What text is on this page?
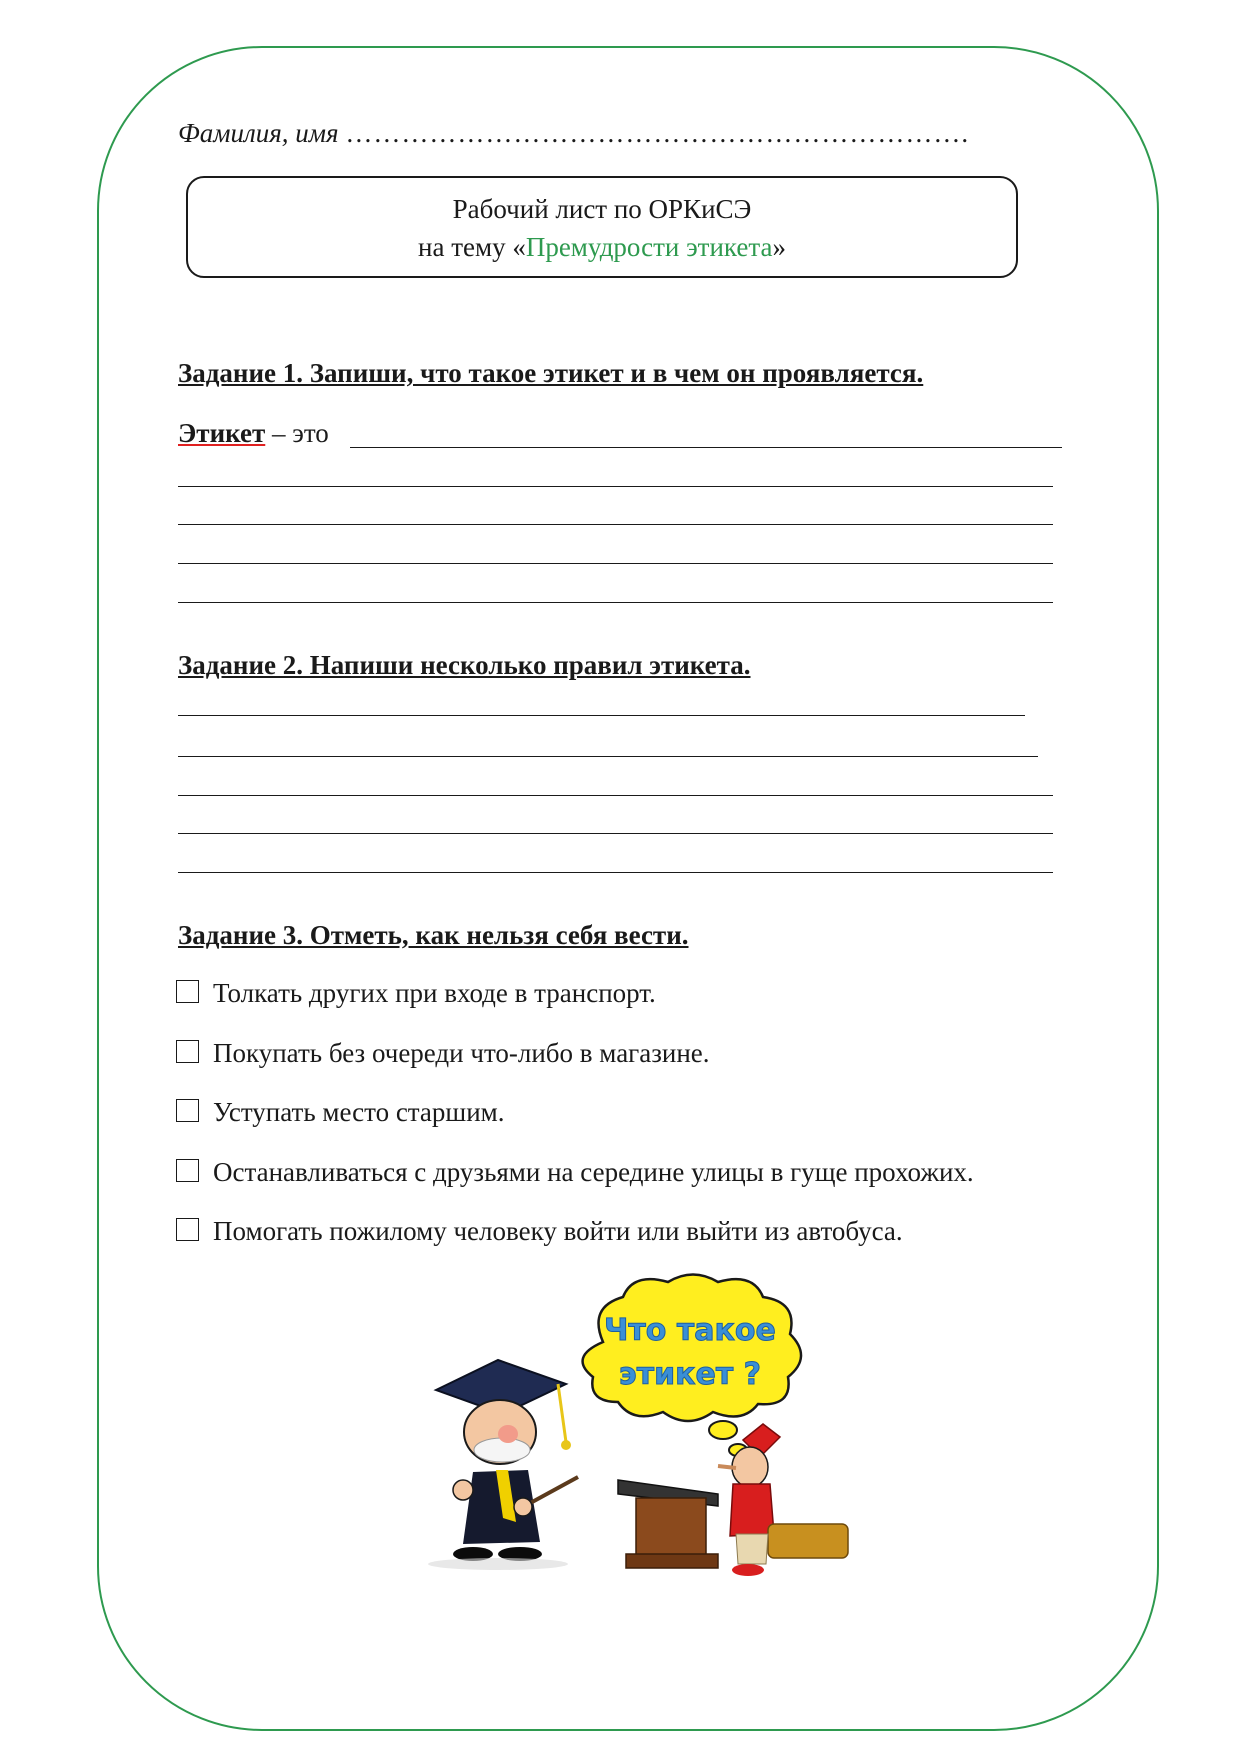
Фамилия, имя ………………………………………………………….
Рабочий лист по ОРКиСЭ
на тему «Премудрости этикета»
Задание 1. Запиши, что такое этикет и в чем он проявляется.
Этикет – это
Задание 2. Напиши несколько правил этикета.
Задание 3. Отметь, как нельзя себя вести.
Толкать других при входе в транспорт.
Покупать без очереди что-либо в магазине.
Уступать место старшим.
Останавливаться с друзьями на середине улицы в гуще прохожих.
Помогать пожилому человеку войти или выйти из автобуса.
Что такое
этикет ?
